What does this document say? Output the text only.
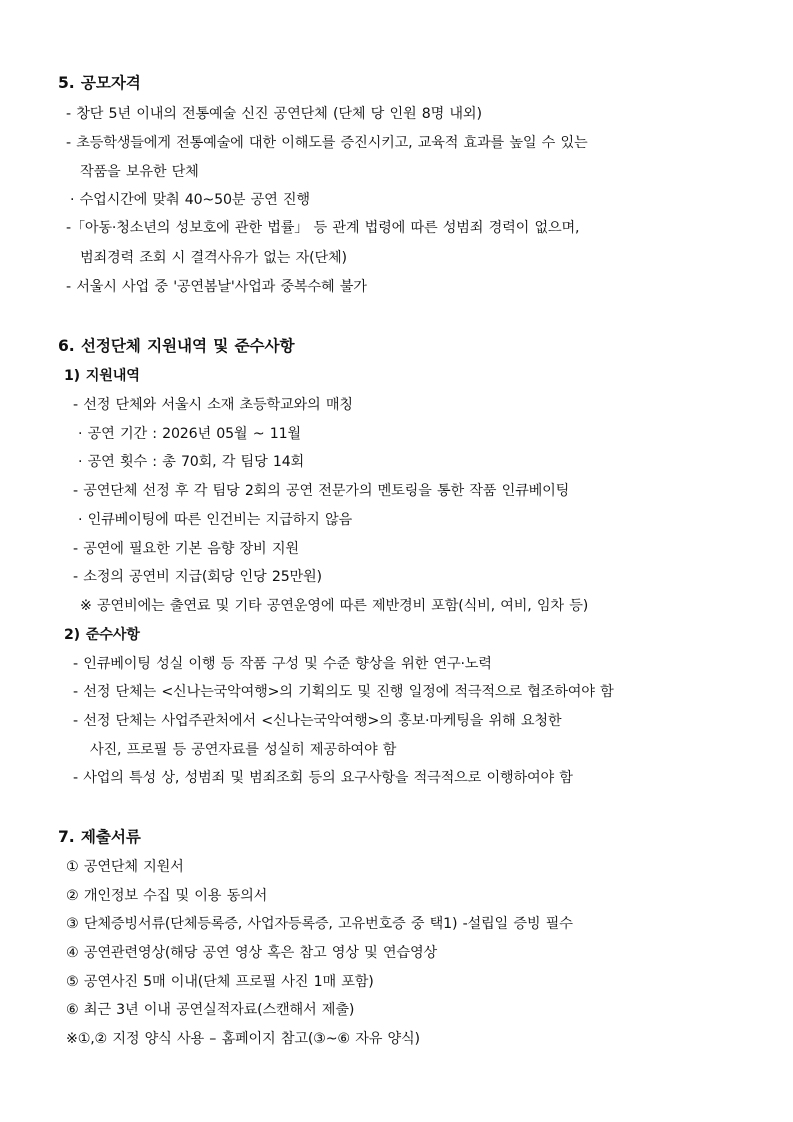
5. 공모자격
- 창단 5년 이내의 전통예술 신진 공연단체 (단체 당 인원 8명 내외)
- 초등학생들에게 전통예술에 대한 이해도를 증진시키고, 교육적 효과를 높일 수 있는
작품을 보유한 단체
· 수업시간에 맞춰 40~50분 공연 진행
-「아동·청소년의 성보호에 관한 법률」 등 관계 법령에 따른 성범죄 경력이 없으며,
범죄경력 조회 시 결격사유가 없는 자(단체)
- 서울시 사업 중 '공연봄날'사업과 중복수혜 불가
6. 선정단체 지원내역 및 준수사항
1) 지원내역
- 선정 단체와 서울시 소재 초등학교와의 매칭
· 공연 기간 : 2026년 05월 ~ 11월
· 공연 횟수 : 총 70회, 각 팀당 14회
- 공연단체 선정 후 각 팀당 2회의 공연 전문가의 멘토링을 통한 작품 인큐베이팅
· 인큐베이팅에 따른 인건비는 지급하지 않음
- 공연에 필요한 기본 음향 장비 지원
- 소정의 공연비 지급(회당 인당 25만원)
※ 공연비에는 출연료 및 기타 공연운영에 따른 제반경비 포함(식비, 여비, 임차 등)
2) 준수사항
- 인큐베이팅 성실 이행 등 작품 구성 및 수준 향상을 위한 연구·노력
- 선정 단체는 <신나는국악여행>의 기획의도 및 진행 일정에 적극적으로 협조하여야 함
- 선정 단체는 사업주관처에서 <신나는국악여행>의 홍보·마케팅을 위해 요청한
사진, 프로필 등 공연자료를 성실히 제공하여야 함
- 사업의 특성 상, 성범죄 및 범죄조회 등의 요구사항을 적극적으로 이행하여야 함
7. 제출서류
① 공연단체 지원서
② 개인정보 수집 및 이용 동의서
③ 단체증빙서류(단체등록증, 사업자등록증, 고유번호증 중 택1) -설립일 증빙 필수
④ 공연관련영상(해당 공연 영상 혹은 참고 영상 및 연습영상
⑤ 공연사진 5매 이내(단체 프로필 사진 1매 포함)
⑥ 최근 3년 이내 공연실적자료(스캔해서 제출)
※①,② 지정 양식 사용 – 홈페이지 참고(③~⑥ 자유 양식)
